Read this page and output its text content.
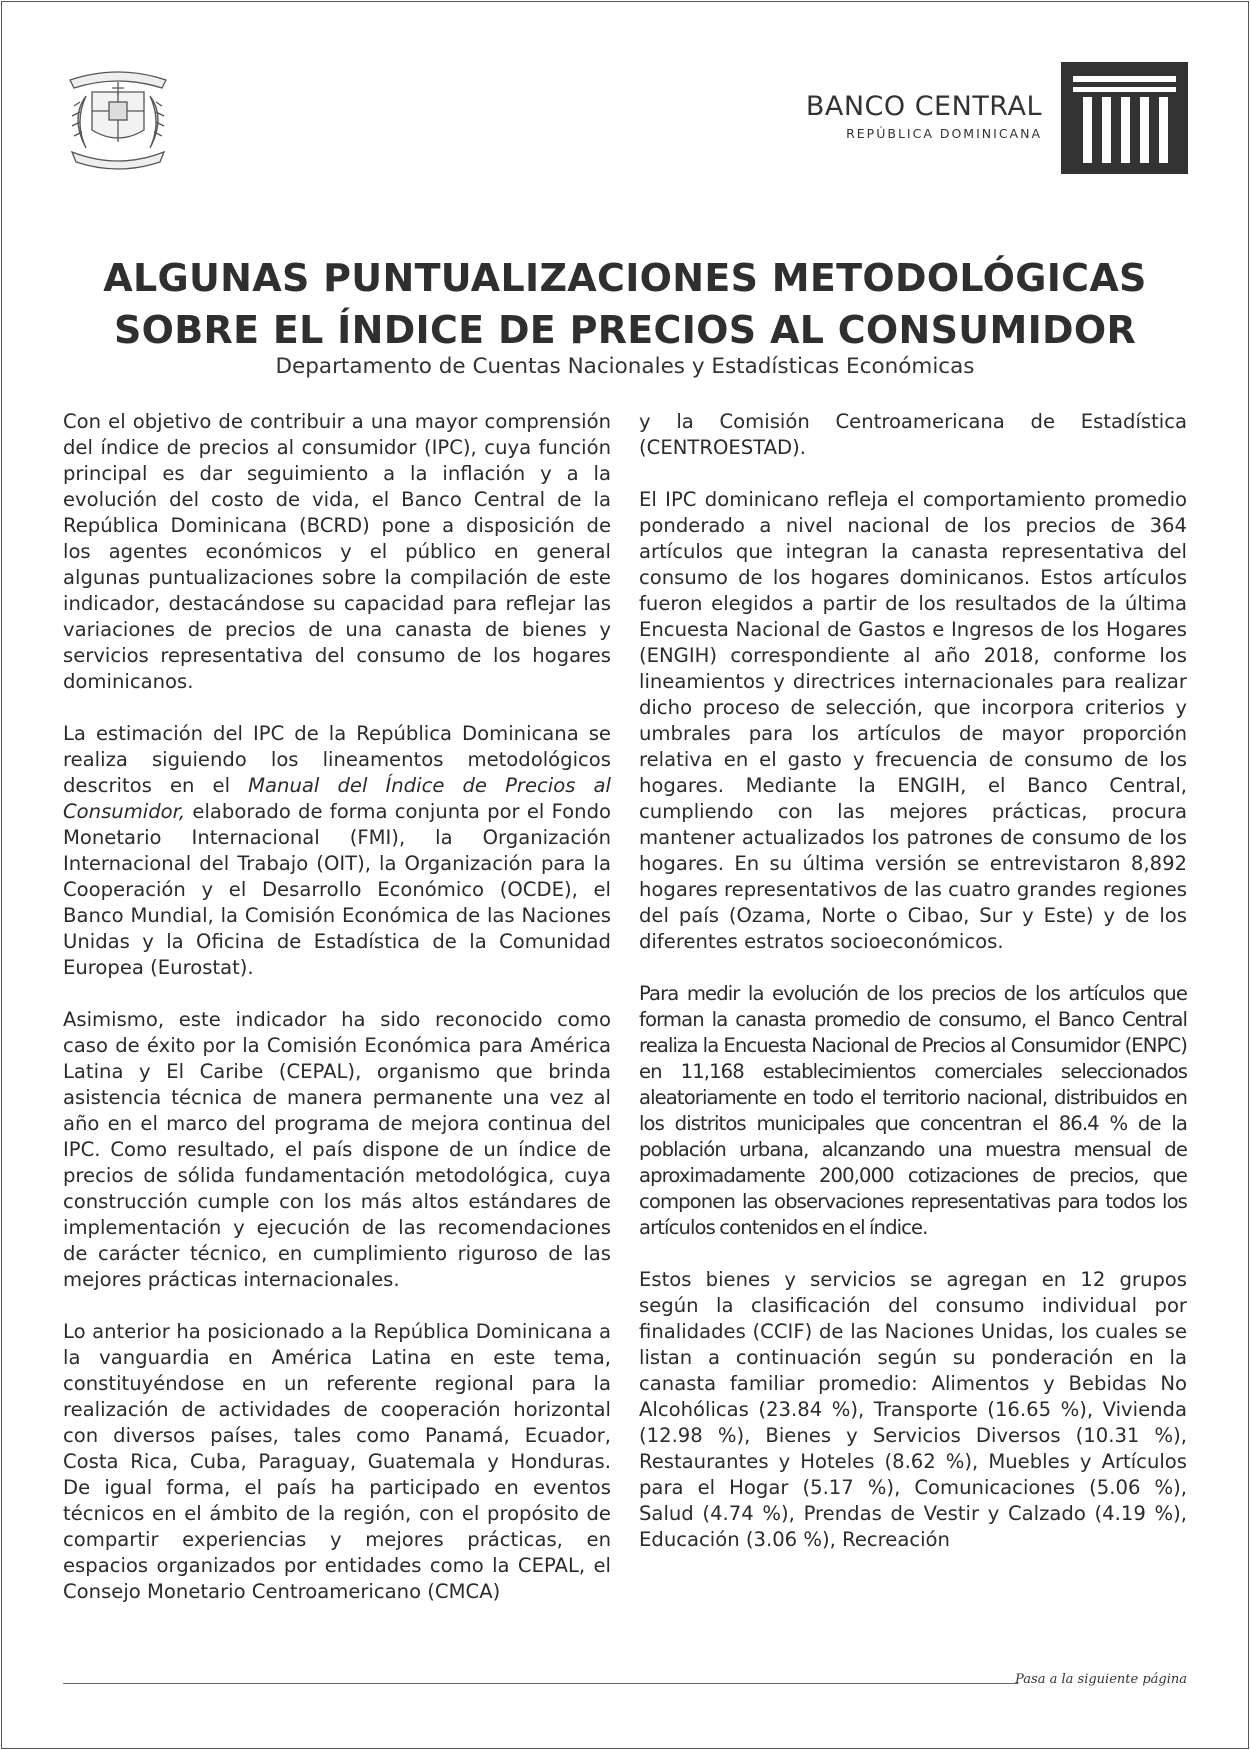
BANCO CENTRAL
REPÚBLICA DOMINICANA
ALGUNAS PUNTUALIZACIONES METODOLÓGICAS
SOBRE EL ÍNDICE DE PRECIOS AL CONSUMIDOR
Departamento de Cuentas Nacionales y Estadísticas Económicas

Con el objetivo de contribuir a una mayor comprensión del índice de precios al consumidor (IPC), cuya función principal es dar seguimiento a la inflación y a la evolución del costo de vida, el Banco Central de la República Dominicana (BCRD) pone a disposición de los agentes económicos y el público en general algunas puntualizaciones sobre la compilación de este indicador, destacándose su capacidad para reflejar las variaciones de precios de una canasta de bienes y servicios representativa del consumo de los hogares dominicanos.

La estimación del IPC de la República Dominicana se realiza siguiendo los lineamentos metodológicos descritos en el Manual del Índice de Precios al Consumidor, elaborado de forma conjunta por el Fondo Monetario Internacional (FMI), la Organización Internacional del Trabajo (OIT), la Organización para la Cooperación y el Desarrollo Económico (OCDE), el Banco Mundial, la Comisión Económica de las Naciones Unidas y la Oficina de Estadística de la Comunidad Europea (Eurostat).

Asimismo, este indicador ha sido reconocido como caso de éxito por la Comisión Económica para América Latina y El Caribe (CEPAL), organismo que brinda asistencia técnica de manera permanente una vez al año en el marco del programa de mejora continua del IPC. Como resultado, el país dispone de un índice de precios de sólida fundamentación metodológica, cuya construcción cumple con los más altos estándares de implementación y ejecución de las recomendaciones de carácter técnico, en cumplimiento riguroso de las mejores prácticas internacionales.

Lo anterior ha posicionado a la República Dominicana a la vanguardia en América Latina en este tema, constituyéndose en un referente regional para la realización de actividades de cooperación horizontal con diversos países, tales como Panamá, Ecuador, Costa Rica, Cuba, Paraguay, Guatemala y Honduras. De igual forma, el país ha participado en eventos técnicos en el ámbito de la región, con el propósito de compartir experiencias y mejores prácticas, en espacios organizados por entidades como la CEPAL, el Consejo Monetario Centroamericano (CMCA)

y la Comisión Centroamericana de Estadística (CENTROESTAD).

El IPC dominicano refleja el comportamiento promedio ponderado a nivel nacional de los precios de 364 artículos que integran la canasta representativa del consumo de los hogares dominicanos. Estos artículos fueron elegidos a partir de los resultados de la última Encuesta Nacional de Gastos e Ingresos de los Hogares (ENGIH) correspondiente al año 2018, conforme los lineamientos y directrices internacionales para realizar dicho proceso de selección, que incorpora criterios y umbrales para los artículos de mayor proporción relativa en el gasto y frecuencia de consumo de los hogares. Mediante la ENGIH, el Banco Central, cumpliendo con las mejores prácticas, procura mantener actualizados los patrones de consumo de los hogares. En su última versión se entrevistaron 8,892 hogares representativos de las cuatro grandes regiones del país (Ozama, Norte o Cibao, Sur y Este) y de los diferentes estratos socioeconómicos.

Para medir la evolución de los precios de los artículos que forman la canasta promedio de consumo, el Banco Central realiza la Encuesta Nacional de Precios al Consumidor (ENPC) en 11,168 establecimientos comerciales seleccionados aleatoriamente en todo el territorio nacional, distribuidos en los distritos municipales que concentran el 86.4 % de la población urbana, alcanzando una muestra mensual de aproximadamente 200,000 cotizaciones de precios, que componen las observaciones representativas para todos los artículos contenidos en el índice.

Estos bienes y servicios se agregan en 12 grupos según la clasificación del consumo individual por finalidades (CCIF) de las Naciones Unidas, los cuales se listan a continuación según su ponderación en la canasta familiar promedio: Alimentos y Bebidas No Alcohólicas (23.84 %), Transporte (16.65 %), Vivienda (12.98 %), Bienes y Servicios Diversos (10.31 %), Restaurantes y Hoteles (8.62 %), Muebles y Artículos para el Hogar (5.17 %), Comunicaciones (5.06 %), Salud (4.74 %), Prendas de Vestir y Calzado (4.19 %), Educación (3.06 %), Recreación

Pasa a la siguiente página
